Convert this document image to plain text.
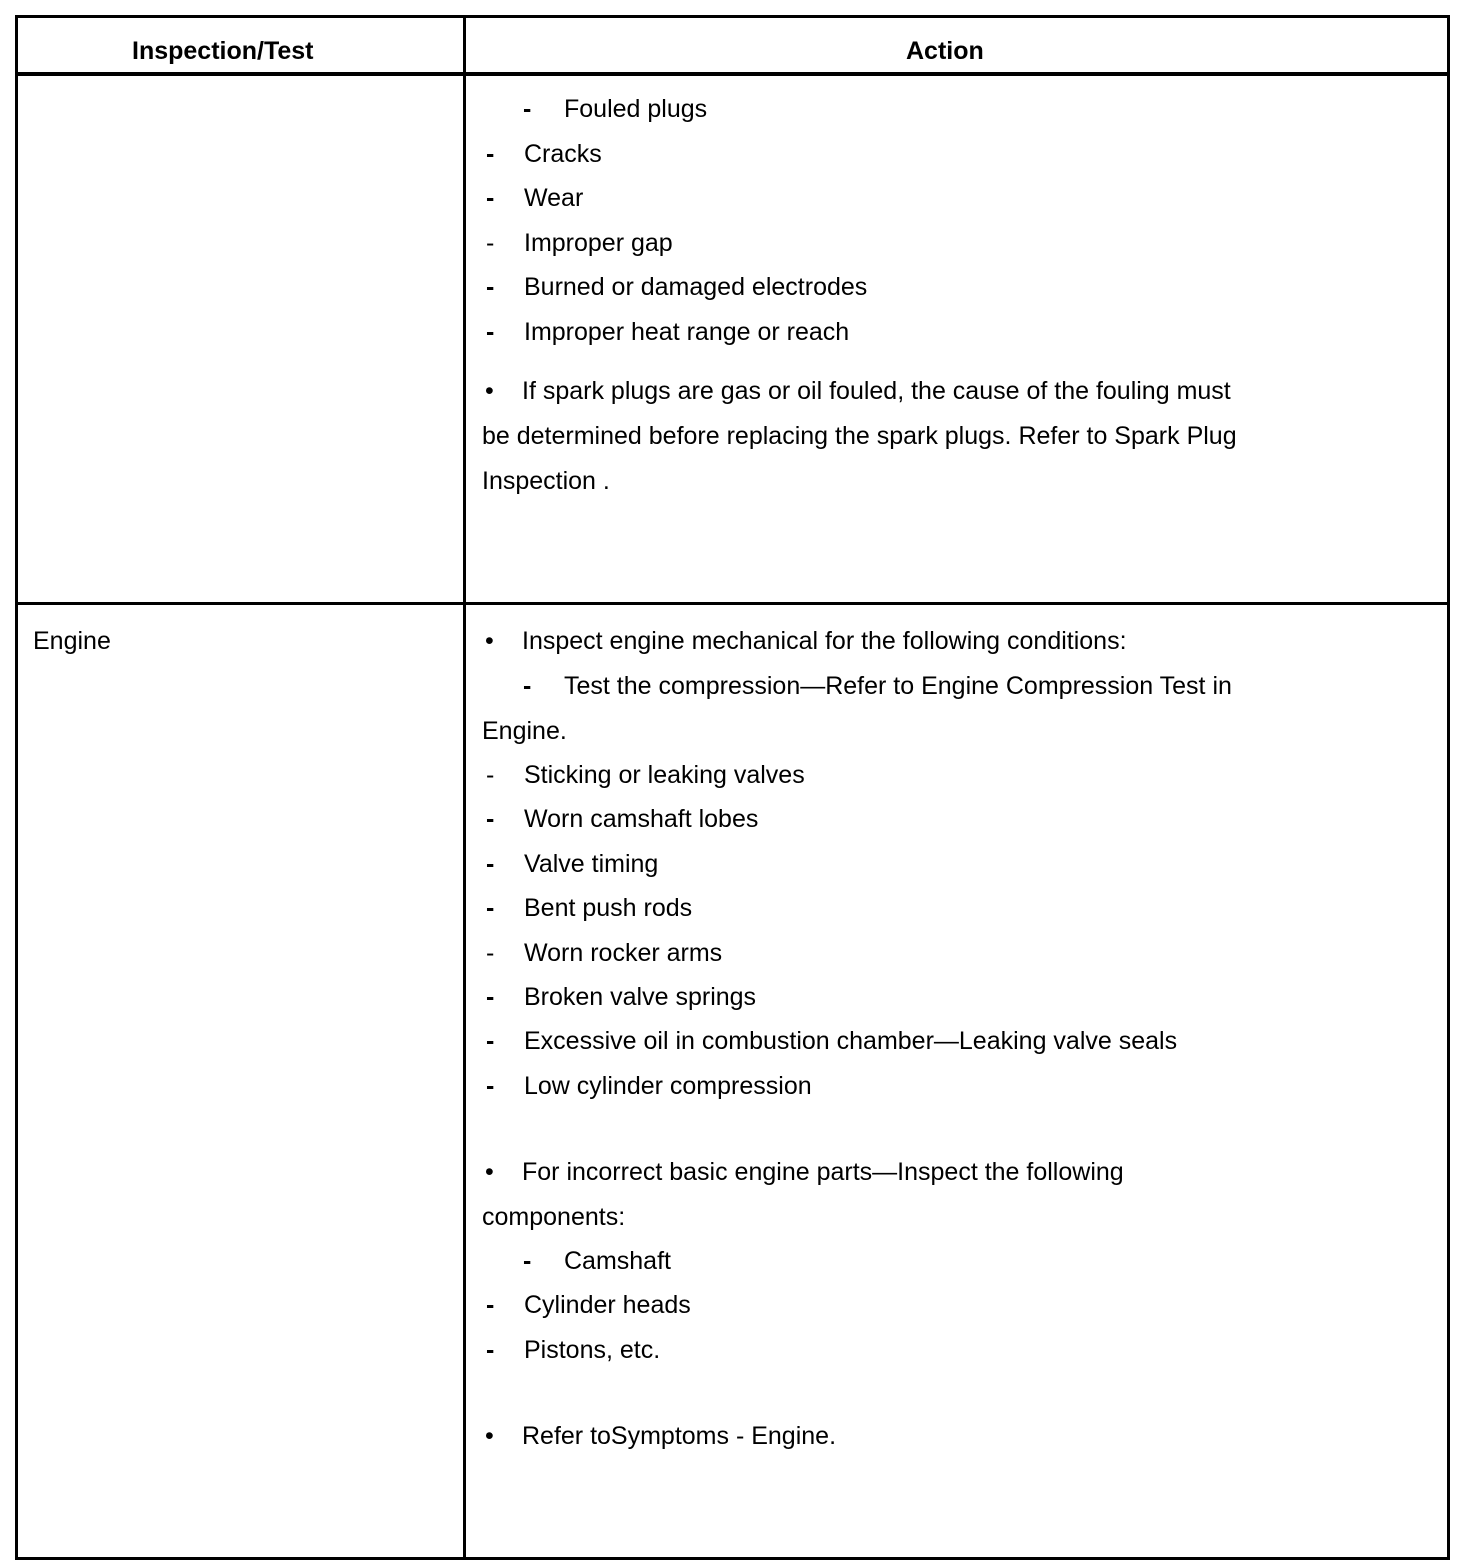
Inspection/Test	Action
- Fouled plugs
- Cracks
- Wear
- Improper gap
- Burned or damaged electrodes
- Improper heat range or reach
• If spark plugs are gas or oil fouled, the cause of the fouling must
be determined before replacing the spark plugs. Refer to Spark Plug
Inspection .
Engine	• Inspect engine mechanical for the following conditions:
- Test the compression—Refer to Engine Compression Test in
Engine.
- Sticking or leaking valves
- Worn camshaft lobes
- Valve timing
- Bent push rods
- Worn rocker arms
- Broken valve springs
- Excessive oil in combustion chamber—Leaking valve seals
- Low cylinder compression
• For incorrect basic engine parts—Inspect the following
components:
- Camshaft
- Cylinder heads
- Pistons, etc.
• Refer toSymptoms - Engine.
